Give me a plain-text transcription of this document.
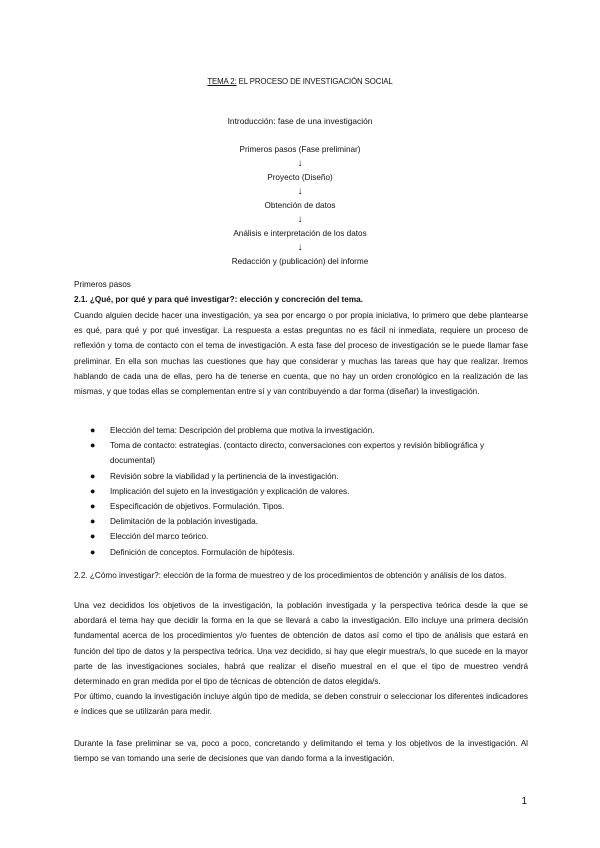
TEMA 2: EL PROCESO DE INVESTIGACIÓN SOCIAL
Introducción: fase de una investigación
Primeros pasos (Fase preliminar)
↓
Proyecto (Diseño)
↓
Obtención de datos
↓
Análisis e interpretación de los datos
↓
Redacción y (publicación) del informe
Primeros pasos
2.1. ¿Qué, por qué y para qué investigar?: elección y concreción del tema.
Cuando alguien decide hacer una investigación, ya sea por encargo o por propia iniciativa, lo primero que debe plantearse es qué, para qué y por qué investigar. La respuesta a estas preguntas no es fácil ni inmediata, requiere un proceso de reflexión y toma de contacto con el tema de investigación. A esta fase del proceso de investigación se le puede llamar fase preliminar. En ella son muchas las cuestiones que hay que considerar y muchas las tareas que hay que realizar. Iremos hablando de cada una de ellas, pero ha de tenerse en cuenta, que no hay un orden cronológico en la realización de las mismas, y que todas ellas se complementan entre sí y van contribuyendo a dar forma (diseñar) la investigación.
● Elección del tema: Descripción del problema que motiva la investigación.
● Toma de contacto: estrategias. (contacto directo, conversaciones con expertos y revisión bibliográfica y documental)
● Revisión sobre la viabilidad y la pertinencia de la investigación.
● Implicación del sujeto en la investigación y explicación de valores.
● Especificación de objetivos. Formulación. Tipos.
● Delimitación de la población investigada.
● Elección del marco teórico.
● Definición de conceptos. Formulación de hipótesis.
2.2. ¿Cómo investigar?: elección de la forma de muestreo y de los procedimientos de obtención y análisis de los datos.
Una vez decididos los objetivos de la investigación, la población investigada y la perspectiva teórica desde la que se abordará el tema hay que decidir la forma en la que se llevará a cabo la investigación. Ello incluye una primera decisión fundamental acerca de los procedimientos y/o fuentes de obtención de datos así como el tipo de análisis que estará en función del tipo de datos y la perspectiva teórica. Una vez decidido, si hay que elegir muestra/s, lo que sucede en la mayor parte de las investigaciones sociales, habrá que realizar el diseño muestral en el que el tipo de muestreo vendrá determinado en gran medida por el tipo de técnicas de obtención de datos elegida/s.
Por último, cuando la investigación incluye algún tipo de medida, se deben construir o seleccionar los diferentes indicadores e índices que se utilizarán para medir.
Durante la fase preliminar se va, poco a poco, concretando y delimitando el tema y los objetivos de la investigación. Al tiempo se van tomando una serie de decisiones que van dando forma a la investigación.
1
